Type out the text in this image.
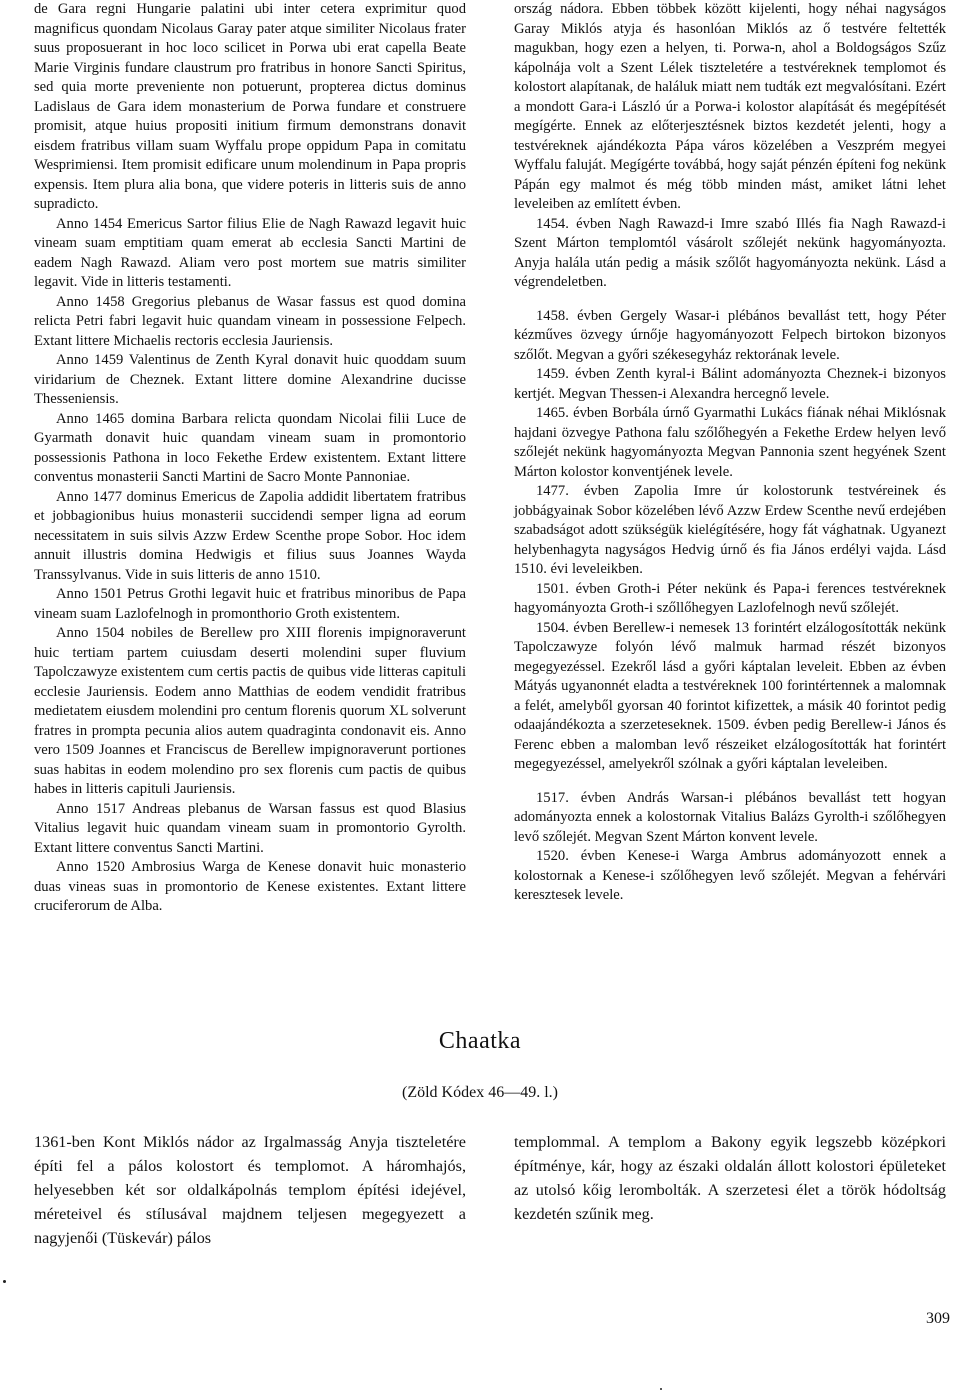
de Gara regni Hungarie palatini ubi inter cetera exprimitur quod magnificus quondam Nicolaus Garay pater atque similiter Nicolaus frater suus proposuerant in hoc loco scilicet in Porwa ubi erat capella Beate Marie Virginis fundare claustrum pro fratribus in honore Sancti Spiritus, sed quia morte preveniente non potuerunt, propterea dictus dominus Ladislaus de Gara idem monasterium de Porwa fundare et construere promisit, atque huius propositi initium firmum demonstrans donavit eisdem fratribus villam suam Wyffalu prope oppidum Papa in comitatu Wesprimiensi. Item promisit edificare unum molendinum in Papa propris expensis. Item plura alia bona, que videre poteris in litteris suis de anno supradicto.

Anno 1454 Emericus Sartor filius Elie de Nagh Rawazd legavit huic vineam suam emptitiam quam emerat ab ecclesia Sancti Martini de eadem Nagh Rawazd. Aliam vero post mortem sue matris similiter legavit. Vide in litteris testamenti.

Anno 1458 Gregorius plebanus de Wasar fassus est quod domina relicta Petri fabri legavit huic quandam vineam in possessione Felpech. Extant littere Michaelis rectoris ecclesia Jauriensis.

Anno 1459 Valentinus de Zenth Kyral donavit huic quoddam suum viridarium de Cheznek. Extant littere domine Alexandrine ducisse Thesseniensis.

Anno 1465 domina Barbara relicta quondam Nicolai filii Luce de Gyarmath donavit huic quandam vineam suam in promontorio possessionis Pathona in loco Fekethe Erdew existentem. Extant littere conventus monasterii Sancti Martini de Sacro Monte Pannoniae.

Anno 1477 dominus Emericus de Zapolia addidit libertatem fratribus et jobbagionibus huius monasterii succidendi semper ligna ad eorum necessitatem in suis silvis Azzw Erdew Scenthe prope Sobor. Hoc idem annuit illustris domina Hedwigis et filius suus Joannes Wayda Transsylvanus. Vide in suis litteris de anno 1510.

Anno 1501 Petrus Grothi legavit huic et fratribus minoribus de Papa vineam suam Lazlofelnogh in promonthorio Groth existentem.

Anno 1504 nobiles de Berellew pro XIII florenis impignoraverunt huic tertiam partem cuiusdam deserti molendini super fluvium Tapolczawyze existentem cum certis pactis de quibus vide litteras capituli ecclesie Jauriensis. Eodem anno Matthias de eodem vendidit fratribus medietatem eiusdem molendini pro centum florenis quorum XL solverunt fratres in prompta pecunia alios autem quadraginta condonavit eis. Anno vero 1509 Joannes et Franciscus de Berellew impignoraverunt portiones suas habitas in eodem molendino pro sex florenis cum pactis de quibus habes in litteris capituli Jauriensis.

Anno 1517 Andreas plebanus de Warsan fassus est quod Blasius Vitalius legavit huic quandam vineam suam in promontorio Gyrolth. Extant littere conventus Sancti Martini.

Anno 1520 Ambrosius Warga de Kenese donavit huic monasterio duas vineas suas in promontorio de Kenese existentes. Extant littere cruciferorum de Alba.

ország nádora. Ebben többek között kijelenti, hogy néhai nagyságos Garay Miklós atyja és hasonlóan Miklós az ő testvére feltették magukban, hogy ezen a helyen, ti. Porwa-n, ahol a Boldogságos Szűz kápolnája volt a Szent Lélek tiszteletére a testvéreknek templomot és kolostort alapítanak, de haláluk miatt nem tudták ezt megvalósítani. Ezért a mondott Gara-i László úr a Porwa-i kolostor alapítását és megépítését megígérte. Ennek az előterjesztésnek biztos kezdetét jelenti, hogy a testvéreknek ajándékozta Pápa város közelében a Veszprém megyei Wyffalu faluját. Megígérte továbbá, hogy saját pénzén építeni fog nekünk Pápán egy malmot és még több minden mást, amiket látni lehet leveleiben az említett évben.

1454. évben Nagh Rawazd-i Imre szabó Illés fia Nagh Rawazd-i Szent Márton templomtól vásárolt szőlejét nekünk hagyományozta. Anyja halála után pedig a másik szőlőt hagyományozta nekünk. Lásd a végrendeletben.

1458. évben Gergely Wasar-i plébános bevallást tett, hogy Péter kézműves özvegy úrnője hagyományozott Felpech birtokon bizonyos szőlőt. Megvan a győri székesegyház rektorának levele.

1459. évben Zenth kyral-i Bálint adományozta Cheznek-i bizonyos kertjét. Megvan Thessen-i Alexandra hercegnő levele.

1465. évben Borbála úrnő Gyarmathi Lukács fiának néhai Miklósnak hajdani özvegye Pathona falu szőlőhegyén a Fekethe Erdew helyen levő szőlejét nekünk hagyományozta Megvan Pannonia szent hegyének Szent Márton kolostor konventjének levele.

1477. évben Zapolia Imre úr kolostorunk testvéreinek és jobbágyainak Sobor közelében lévő Azzw Erdew Scenthe nevű erdejében szabadságot adott szükségük kielégítésére, hogy fát vághatnak. Ugyanezt helybenhagyta nagyságos Hedvig úrnő és fia János erdélyi vajda. Lásd 1510. évi leveleikben.

1501. évben Groth-i Péter nekünk és Papa-i ferences testvéreknek hagyományozta Groth-i szőllőhegyen Lazlofelnogh nevű szőlejét.

1504. évben Berellew-i nemesek 13 forintért elzálogosították nekünk Tapolczawyze folyón lévő malmuk harmad részét bizonyos megegyezéssel. Ezekről lásd a győri káptalan leveleit. Ebben az évben Mátyás ugyanonnét eladta a testvéreknek 100 forintértennek a malomnak a felét, amelyből gyorsan 40 forintot kifizettek, a másik 40 forintot pedig odaajándékozta a szerzeteseknek. 1509. évben pedig Berellew-i János és Ferenc ebben a malomban levő részeiket elzálogosították hat forintért megegyezéssel, amelyekről szólnak a győri káptalan leveleiben.

1517. évben András Warsan-i plébános bevallást tett hogyan adományozta ennek a kolostornak Vitalius Balázs Gyrolth-i szőlőhegyen levő szőlejét. Megvan Szent Márton konvent levele.

1520. évben Kenese-i Warga Ambrus adományozott ennek a kolostornak a Kenese-i szőlőhegyen levő szőlejét. Megvan a fehérvári keresztesek levele.

Chaatka
(Zöld Kódex 46—49. l.)

1361-ben Kont Miklós nádor az Irgalmasság Anyja tiszteletére építi fel a pálos kolostort és templomot. A háromhajós, helyesebben két sor oldalkápolnás templom építési idejével, méreteivel és stílusával majdnem teljesen megegyezett a nagyjenői (Tüskevár) pálos

templommal. A templom a Bakony egyik legszebb középkori építménye, kár, hogy az északi oldalán állott kolostori épületeket az utolsó kőig lerombolták. A szerzetesi élet a török hódoltság kezdetén szűnik meg.

309
